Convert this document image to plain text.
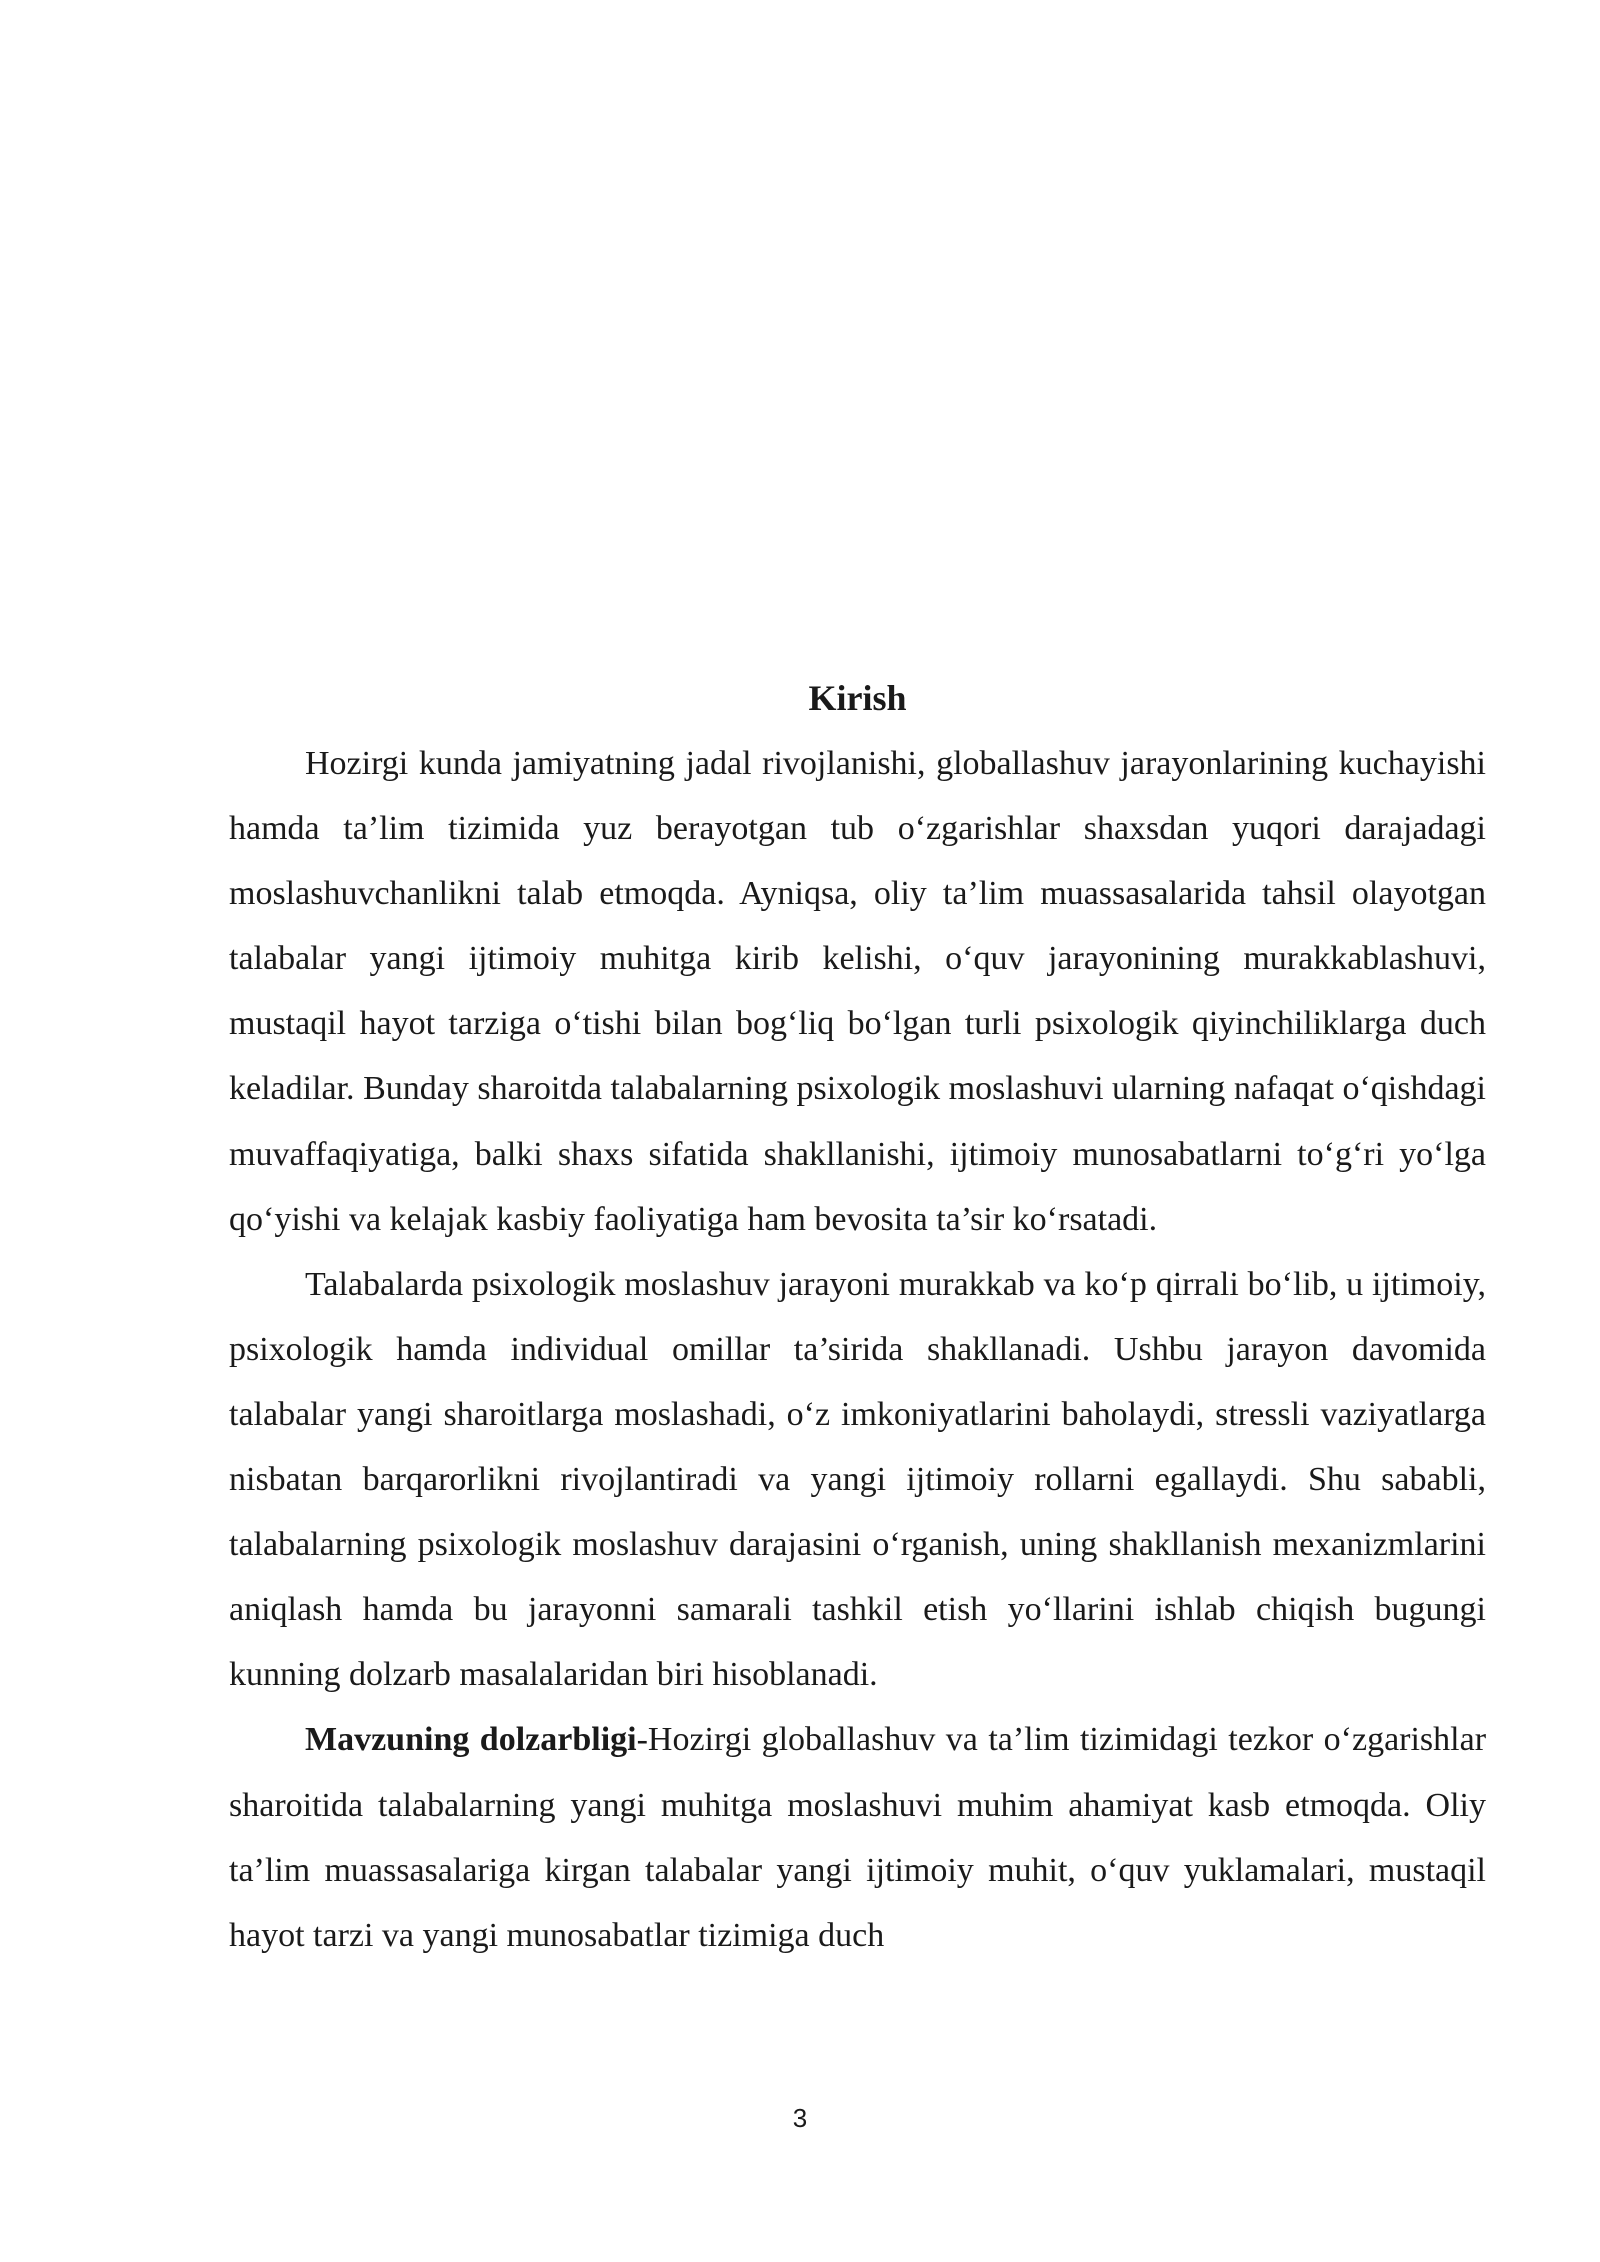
Kirish

Hozirgi kunda jamiyatning jadal rivojlanishi, globallashuv jarayonlarining kuchayishi hamda ta’lim tizimida yuz berayotgan tub o‘zgarishlar shaxsdan yuqori darajadagi moslashuvchanlikni talab etmoqda. Ayniqsa, oliy ta’lim muassasalarida tahsil olayotgan talabalar yangi ijtimoiy muhitga kirib kelishi, o‘quv jarayonining murakkablashuvi, mustaqil hayot tarziga o‘tishi bilan bog‘liq bo‘lgan turli psixologik qiyinchiliklarga duch keladilar. Bunday sharoitda talabalarning psixologik moslashuvi ularning nafaqat o‘qishdagi muvaffaqiyatiga, balki shaxs sifatida shakllanishi, ijtimoiy munosabatlarni to‘g‘ri yo‘lga qo‘yishi va kelajak kasbiy faoliyatiga ham bevosita ta’sir ko‘rsatadi.

Talabalarda psixologik moslashuv jarayoni murakkab va ko‘p qirrali bo‘lib, u ijtimoiy, psixologik hamda individual omillar ta’sirida shakllanadi. Ushbu jarayon davomida talabalar yangi sharoitlarga moslashadi, o‘z imkoniyatlarini baholaydi, stressli vaziyatlarga nisbatan barqarorlikni rivojlantiradi va yangi ijtimoiy rollarni egallaydi. Shu sababli, talabalarning psixologik moslashuv darajasini o‘rganish, uning shakllanish mexanizmlarini aniqlash hamda bu jarayonni samarali tashkil etish yo‘llarini ishlab chiqish bugungi kunning dolzarb masalalaridan biri hisoblanadi.

Mavzuning dolzarbligi-Hozirgi globallashuv va ta’lim tizimidagi tezkor o‘zgarishlar sharoitida talabalarning yangi muhitga moslashuvi muhim ahamiyat kasb etmoqda. Oliy ta’lim muassasalariga kirgan talabalar yangi ijtimoiy muhit, o‘quv yuklamalari, mustaqil hayot tarzi va yangi munosabatlar tizimiga duch

3
